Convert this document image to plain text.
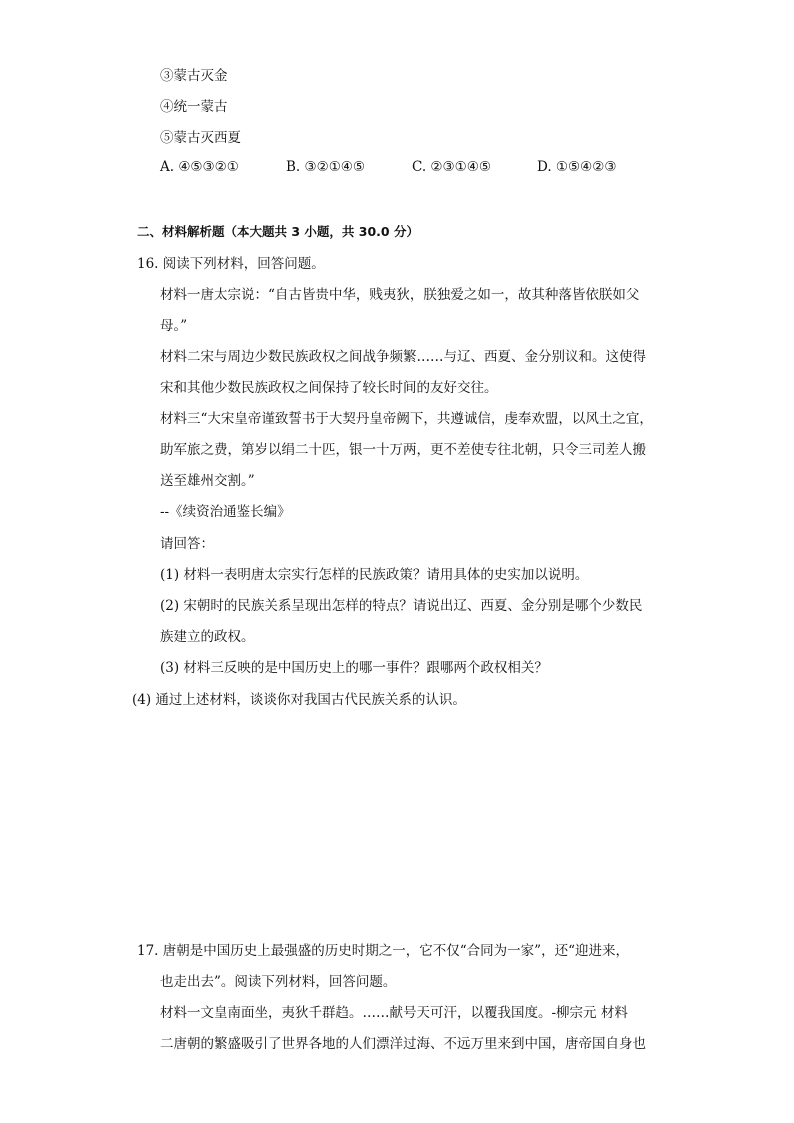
③蒙古灭金
④统一蒙古
⑤蒙古灭西夏
A. ④⑤③②①	B. ③②①④⑤	C. ②③①④⑤	D. ①⑤④②③
二、材料解析题（本大题共 3 小题，共 30.0 分）
16. 阅读下列材料，回答问题。
材料一唐太宗说：“自古皆贵中华，贱夷狄，朕独爱之如一，故其种落皆依朕如父
母。”
材料二宋与周边少数民族政权之间战争频繁……与辽、西夏、金分别议和。这使得
宋和其他少数民族政权之间保持了较长时间的友好交往。
材料三“大宋皇帝谨致誓书于大契丹皇帝阙下，共遵诚信，虔奉欢盟，以风土之宜，
助军旅之费，第岁以绢二十匹，银一十万两，更不差使专往北朝，只令三司差人搬
送至雄州交割。”
--《续资治通鉴长编》
请回答：
(1) 材料一表明唐太宗实行怎样的民族政策？请用具体的史实加以说明。
(2) 宋朝时的民族关系呈现出怎样的特点？请说出辽、西夏、金分别是哪个少数民
族建立的政权。
(3) 材料三反映的是中国历史上的哪一事件？跟哪两个政权相关？
(4) 通过上述材料，谈谈你对我国古代民族关系的认识。
17. 唐朝是中国历史上最强盛的历史时期之一，它不仅“合同为一家”，还“迎进来，
也走出去”。阅读下列材料，回答问题。
材料一文皇南面坐，夷狄千群趋。……献号天可汗，以覆我国度。-柳宗元 材料
二唐朝的繁盛吸引了世界各地的人们漂洋过海、不远万里来到中国，唐帝国自身也
